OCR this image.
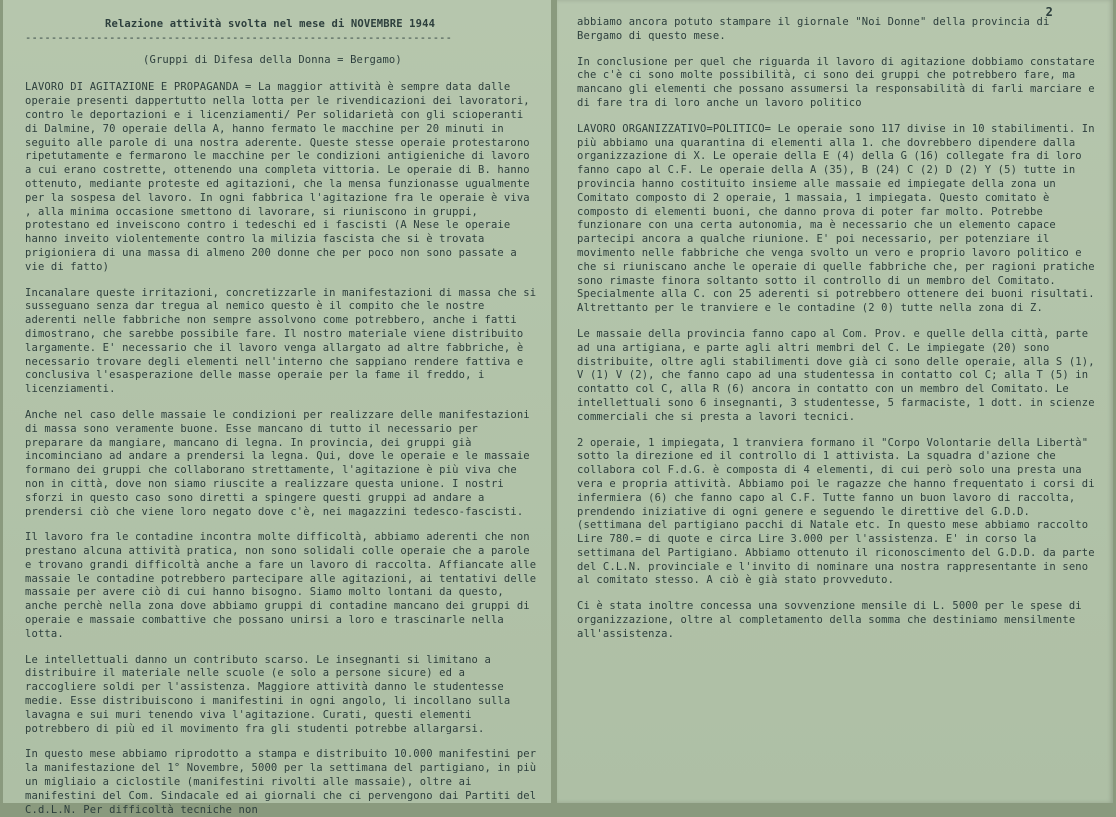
Relazione attività svolta nel mese di NOVEMBRE 1944
------------------------------------------------------------------
(Gruppi di Difesa della Donna = Bergamo)

LAVORO DI AGITAZIONE E PROPAGANDA = La maggior attività è sempre data dalle operaie presenti dappertutto nella lotta per le rivendicazioni dei lavoratori, contro le deportazioni e i licenziamenti/ Per solidarietà con gli scioperanti di Dalmine, 70 operaie della A, hanno fermato le macchine per 20 minuti in seguito alle parole di una nostra aderente. Queste stesse operaie protestarono ripetutamente e fermarono le macchine per le condizioni antigieniche di lavoro a cui erano costrette, ottenendo una completa vittoria. Le operaie di B. hanno ottenuto, mediante proteste ed agitazioni, che la mensa funzionasse ugualmente per la sospesa del lavoro. In ogni fabbrica l'agitazione fra le operaie è viva , alla minima occasione smettono di lavorare, si riuniscono in gruppi, protestano ed inveiscono contro i tedeschi ed i fascisti (A Nese le operaie hanno inveito violentemente contro la milizia fascista che si è trovata prigioniera di una massa di almeno 200 donne che per poco non sono passate a vie di fatto)

Incanalare queste irritazioni, concretizzarle in manifestazioni di massa che si susseguano senza dar tregua al nemico questo è il compito che le nostre aderenti nelle fabbriche non sempre assolvono come potrebbero, anche i fatti dimostrano, che sarebbe possibile fare. Il nostro materiale viene distribuito largamente. E' necessario che il lavoro venga allargato ad altre fabbriche, è necessario trovare degli elementi nell'interno che sappiano rendere fattiva e conclusiva l'esasperazione delle masse operaie per la fame il freddo, i licenziamenti.

Anche nel caso delle massaie le condizioni per realizzare delle manifestazioni di massa sono veramente buone. Esse mancano di tutto il necessario per preparare da mangiare, mancano di legna. In provincia, dei gruppi già incominciano ad andare a prendersi la legna. Qui, dove le operaie e le massaie formano dei gruppi che collaborano strettamente, l'agitazione è più viva che non in città, dove non siamo riuscite a realizzare questa unione. I nostri sforzi in questo caso sono diretti a spingere questi gruppi ad andare a prendersi ciò che viene loro negato dove c'è, nei magazzini tedesco-fascisti.

Il lavoro fra le contadine incontra molte difficoltà, abbiamo aderenti che non prestano alcuna attività pratica, non sono solidali colle operaie che a parole e trovano grandi difficoltà anche a fare un lavoro di raccolta. Affiancate alle massaie le contadine potrebbero partecipare alle agitazioni, ai tentativi delle massaie per avere ciò di cui hanno bisogno. Siamo molto lontani da questo, anche perchè nella zona dove abbiamo gruppi di contadine mancano dei gruppi di operaie e massaie combattive che possano unirsi a loro e trascinarle nella lotta.

Le intellettuali danno un contributo scarso. Le insegnanti si limitano a distribuire il materiale nelle scuole (e solo a persone sicure) ed a raccogliere soldi per l'assistenza. Maggiore attività danno le studentesse medie. Esse distribuiscono i manifestini in ogni angolo, li incollano sulla lavagna e sui muri tenendo viva l'agitazione. Curati, questi elementi potrebbero di più ed il movimento fra gli studenti potrebbe allargarsi.

In questo mese abbiamo riprodotto a stampa e distribuito 10.000 manifestini per la manifestazione del 1° Novembre, 5000 per la settimana del partigiano, in più un migliaio a ciclostile (manifestini rivolti alle massaie), oltre ai manifestini del Com. Sindacale ed ai giornali che ci pervengono dai Partiti del C.d.L.N. Per difficoltà tecniche non

2

abbiamo ancora potuto stampare il giornale "Noi Donne" della provincia di Bergamo di questo mese.

In conclusione per quel che riguarda il lavoro di agitazione dobbiamo constatare che c'è ci sono molte possibilità, ci sono dei gruppi che potrebbero fare, ma mancano gli elementi che possano assumersi la responsabilità di farli marciare e di fare tra di loro anche un lavoro politico

LAVORO ORGANIZZATIVO=POLITICO= Le operaie sono 117 divise in 10 stabilimenti. In più abbiamo una quarantina di elementi alla 1. che dovrebbero dipendere dalla organizzazione di X. Le operaie della E (4) della G (16) collegate fra di loro fanno capo al C.F. Le operaie della A (35), B (24) C (2) D (2) Y (5) tutte in provincia hanno costituito insieme alle massaie ed impiegate della zona un Comitato composto di 2 operaie, 1 massaia, 1 impiegata. Questo comitato è composto di elementi buoni, che danno prova di poter far molto. Potrebbe funzionare con una certa autonomia, ma è necessario che un elemento capace partecipi ancora a qualche riunione. E' poi necessario, per potenziare il movimento nelle fabbriche che venga svolto un vero e proprio lavoro politico e che si riuniscano anche le operaie di quelle fabbriche che, per ragioni pratiche sono rimaste finora soltanto sotto il controllo di un membro del Comitato. Specialmente alla C. con 25 aderenti si potrebbero ottenere dei buoni risultati. Altrettanto per le tranviere e le contadine (2 0) tutte nella zona di Z.

Le massaie della provincia fanno capo al Com. Prov. e quelle della città, parte ad una artigiana, e parte agli altri membri del C. Le impiegate (20) sono distribuite, oltre agli stabilimenti dove già ci sono delle operaie, alla S (1), V (1) V (2), che fanno capo ad una studentessa in contatto col C; alla T (5) in contatto col C, alla R (6) ancora in contatto con un membro del Comitato. Le intellettuali sono 6 insegnanti, 3 studentesse, 5 farmaciste, 1 dott. in scienze commerciali che si presta a lavori tecnici.

2 operaie, 1 impiegata, 1 tranviera formano il "Corpo Volontarie della Libertà" sotto la direzione ed il controllo di 1 attivista. La squadra d'azione che collabora col F.d.G. è composta di 4 elementi, di cui però solo una presta una vera e propria attività. Abbiamo poi le ragazze che hanno frequentato i corsi di infermiera (6) che fanno capo al C.F. Tutte fanno un buon lavoro di raccolta, prendendo iniziative di ogni genere e seguendo le direttive del G.D.D. (settimana del partigiano pacchi di Natale etc. In questo mese abbiamo raccolto Lire 780.= di quote e circa Lire 3.000 per l'assistenza. E' in corso la settimana del Partigiano. Abbiamo ottenuto il riconoscimento del G.D.D. da parte del C.L.N. provinciale e l'invito di nominare una nostra rappresentante in seno al comitato stesso. A ciò è già stato provveduto.

Ci è stata inoltre concessa una sovvenzione mensile di L. 5000 per le spese di organizzazione, oltre al completamento della somma che destiniamo mensilmente all'assistenza.
